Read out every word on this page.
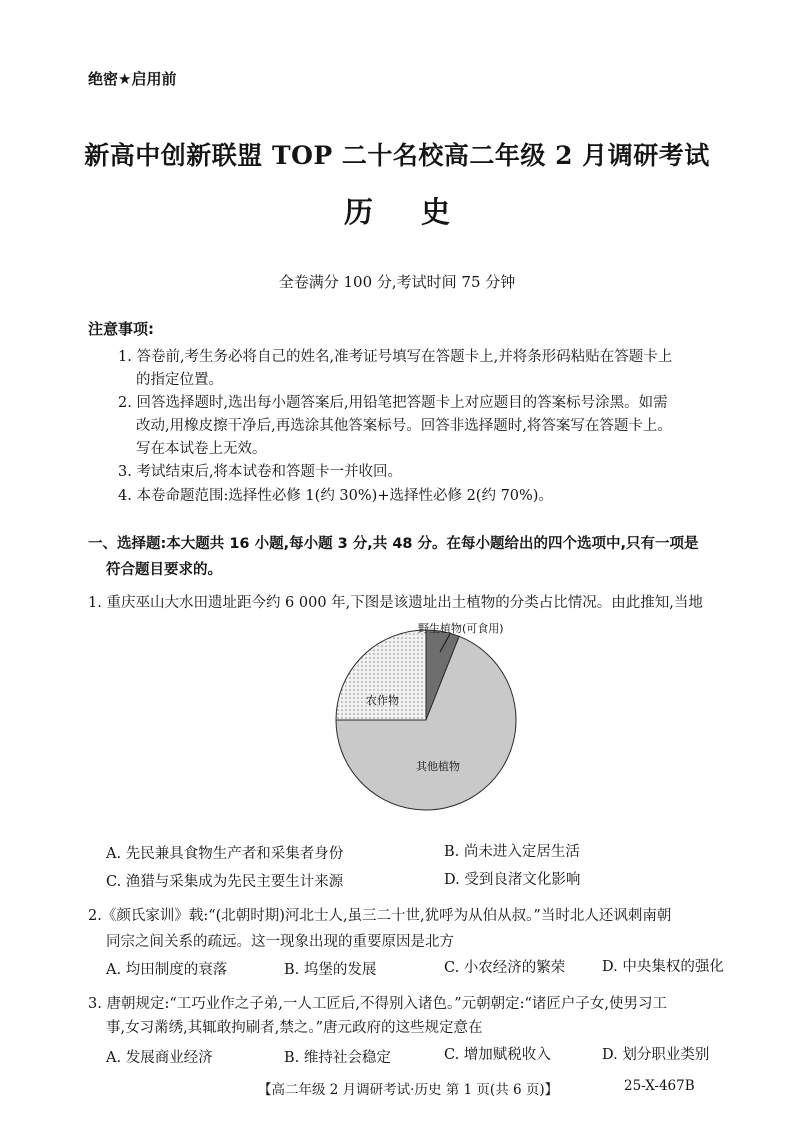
绝密★启用前
新高中创新联盟 TOP 二十名校高二年级 2 月调研考试
历史
全卷满分 100 分,考试时间 75 分钟
注意事项:
1. 答卷前,考生务必将自己的姓名,准考证号填写在答题卡上,并将条形码粘贴在答题卡上
的指定位置。
2. 回答选择题时,选出每小题答案后,用铅笔把答题卡上对应题目的答案标号涂黑。如需
改动,用橡皮擦干净后,再选涂其他答案标号。回答非选择题时,将答案写在答题卡上。
写在本试卷上无效。
3. 考试结束后,将本试卷和答题卡一并收回。
4. 本卷命题范围:选择性必修 1(约 30%)+选择性必修 2(约 70%)。
一、选择题:本大题共 16 小题,每小题 3 分,共 48 分。在每小题给出的四个选项中,只有一项是
符合题目要求的。
1. 重庆巫山大水田遗址距今约 6 000 年,下图是该遗址出土植物的分类占比情况。由此推知,当地
野生植物(可食用)
农作物
其他植物
A. 先民兼具食物生产者和采集者身份	B. 尚未进入定居生活
C. 渔猎与采集成为先民主要生计来源	D. 受到良渚文化影响
2.《颜氏家训》载:“(北朝时期)河北士人,虽三二十世,犹呼为从伯从叔。”当时北人还讽刺南朝
同宗之间关系的疏远。这一现象出现的重要原因是北方
A. 均田制度的衰落	B. 坞堡的发展	C. 小农经济的繁荣	D. 中央集权的强化
3. 唐朝规定:“工巧业作之子弟,一人工匠后,不得别入诸色。”元朝朝定:“诸匠户子女,使男习工
事,女习黹绣,其辄敢拘刷者,禁之。”唐元政府的这些规定意在
A. 发展商业经济	B. 维持社会稳定	C. 增加赋税收入	D. 划分职业类别
【高二年级 2 月调研考试·历史 第 1 页(共 6 页)】	25-X-467B
